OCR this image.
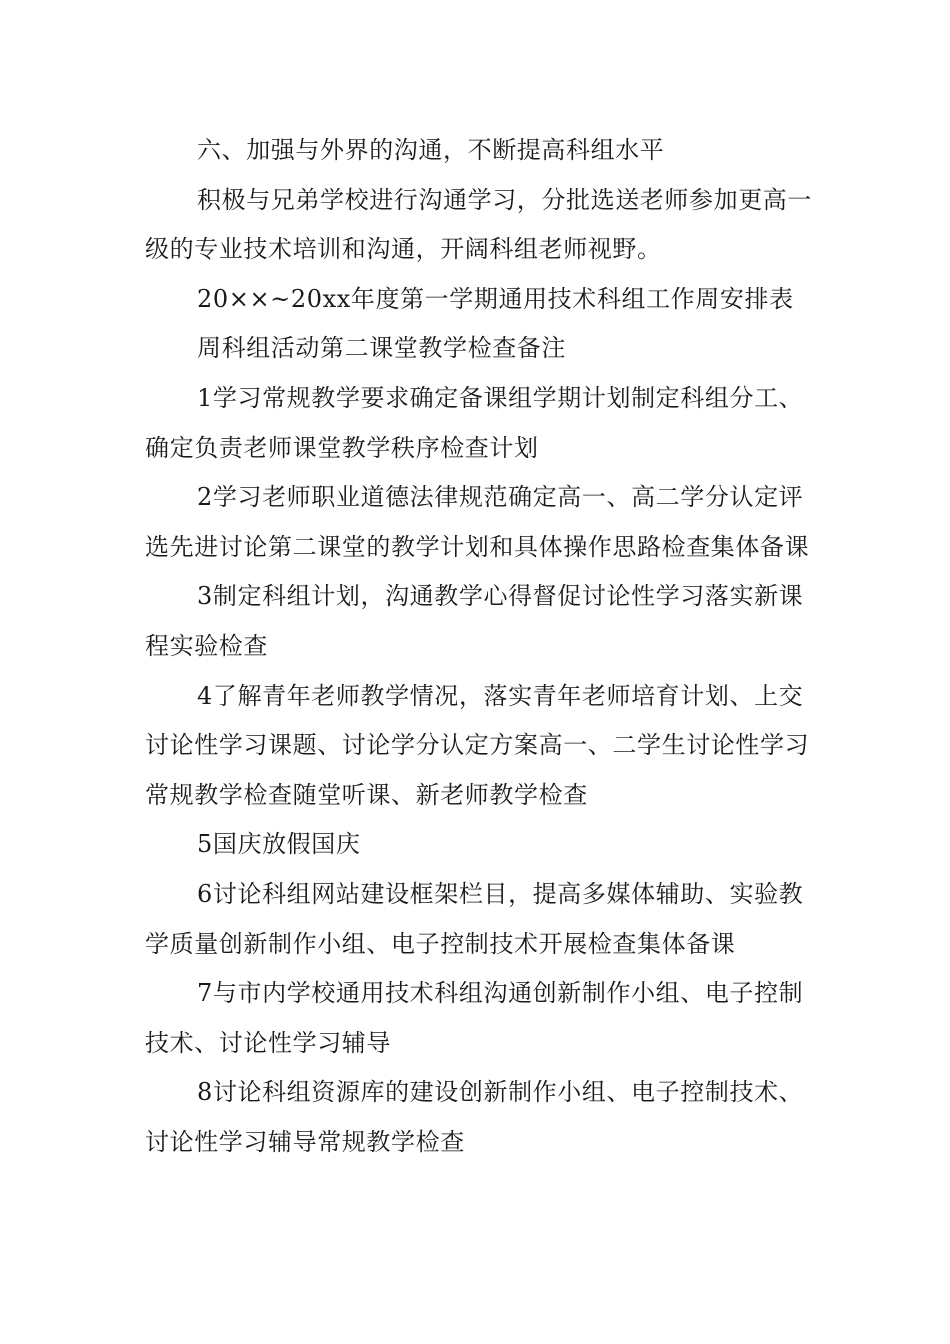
六、加强与外界的沟通，不断提高科组水平

积极与兄弟学校进行沟通学习，分批选送老师参加更高一级的专业技术培训和沟通，开阔科组老师视野。

20××~20xx年度第一学期通用技术科组工作周安排表

周科组活动第二课堂教学检查备注

1学习常规教学要求确定备课组学期计划制定科组分工、确定负责老师课堂教学秩序检查计划

2学习老师职业道德法律规范确定高一、高二学分认定评选先进讨论第二课堂的教学计划和具体操作思路检查集体备课

3制定科组计划，沟通教学心得督促讨论性学习落实新课程实验检查

4了解青年老师教学情况，落实青年老师培育计划、上交讨论性学习课题、讨论学分认定方案高一、二学生讨论性学习常规教学检查随堂听课、新老师教学检查

5国庆放假国庆

6讨论科组网站建设框架栏目，提高多媒体辅助、实验教学质量创新制作小组、电子控制技术开展检查集体备课

7与市内学校通用技术科组沟通创新制作小组、电子控制技术、讨论性学习辅导

8讨论科组资源库的建设创新制作小组、电子控制技术、讨论性学习辅导常规教学检查
